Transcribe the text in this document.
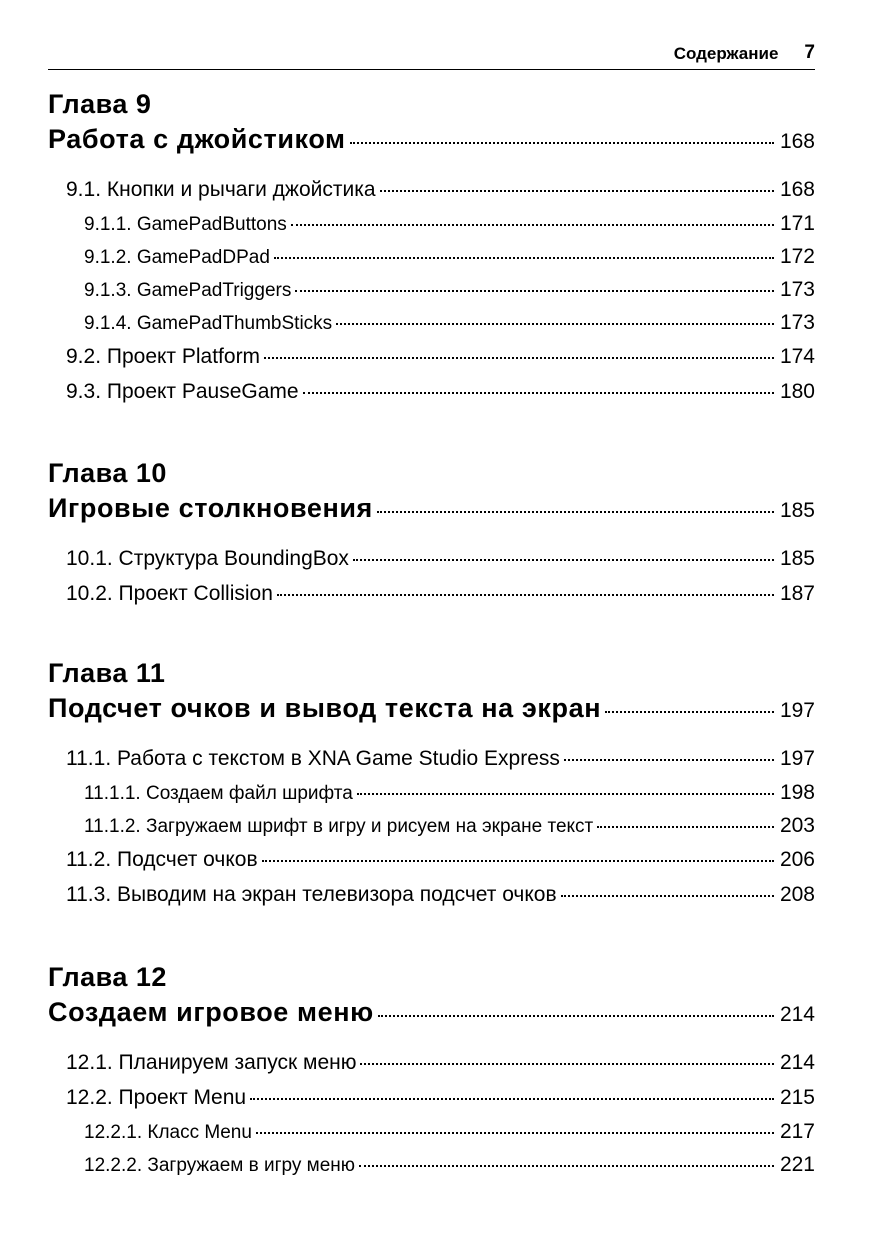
Содержание 7
Глава 9
Работа с джойстиком	168
9.1. Кнопки и рычаги джойстика	168
9.1.1. GamePadButtons	171
9.1.2. GamePadDPad	172
9.1.3. GamePadTriggers	173
9.1.4. GamePadThumbSticks	173
9.2. Проект Platform	174
9.3. Проект PauseGame	180
Глава 10
Игровые столкновения	185
10.1. Структура BoundingBox	185
10.2. Проект Collision	187
Глава 11
Подсчет очков и вывод текста на экран	197
11.1. Работа с текстом в XNA Game Studio Express	197
11.1.1. Создаем файл шрифта	198
11.1.2. Загружаем шрифт в игру и рисуем на экране текст	203
11.2. Подсчет очков	206
11.3. Выводим на экран телевизора подсчет очков	208
Глава 12
Создаем игровое меню	214
12.1. Планируем запуск меню	214
12.2. Проект Menu	215
12.2.1. Класс Menu	217
12.2.2. Загружаем в игру меню	221
